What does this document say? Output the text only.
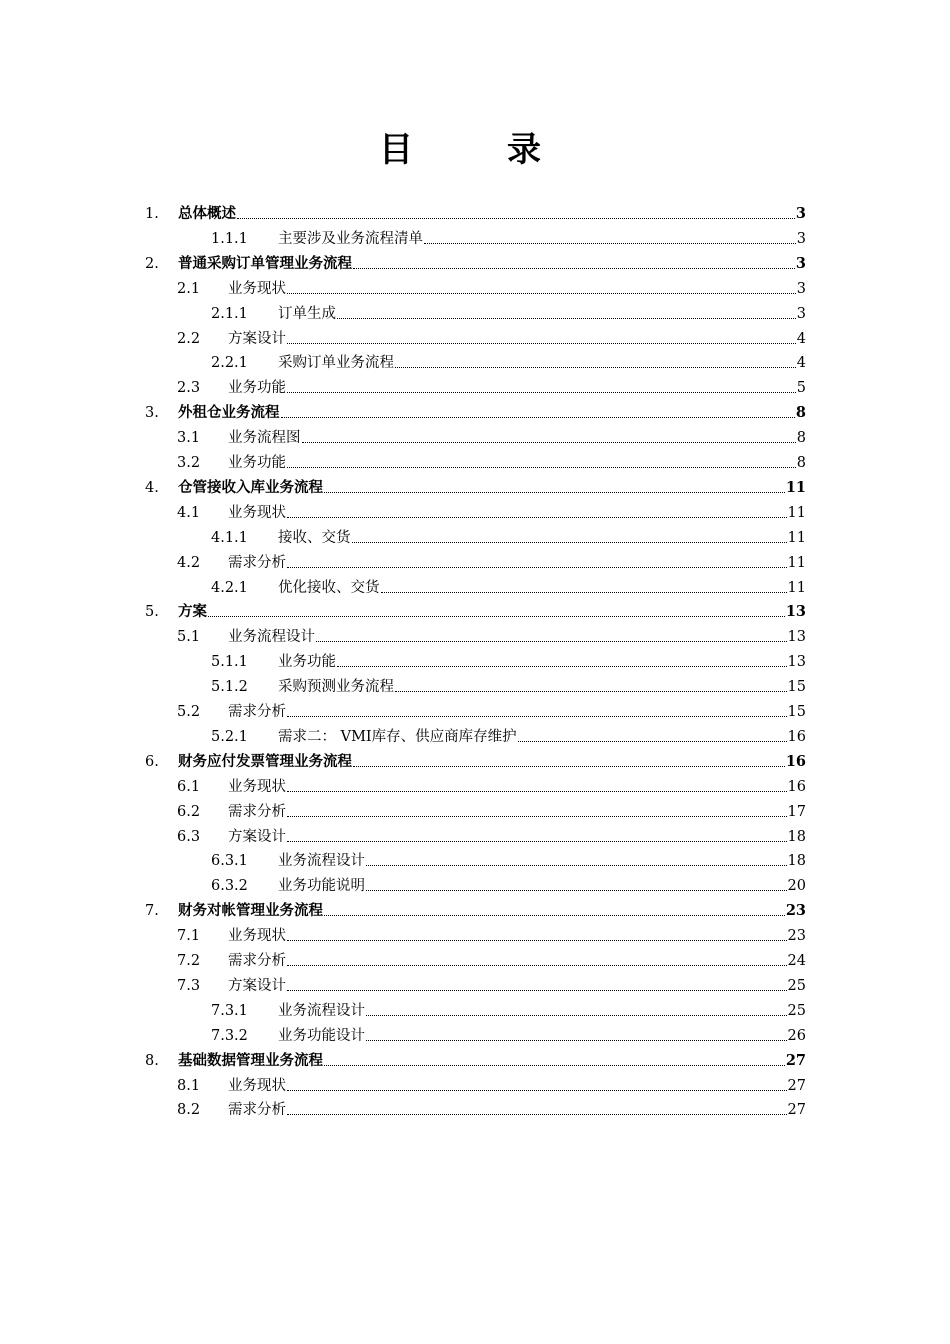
目　录
1.	总体概述	3
1.1.1	主要涉及业务流程清单	3
2.	普通采购订单管理业务流程	3
2.1	业务现状	3
2.1.1	订单生成	3
2.2	方案设计	4
2.2.1	采购订单业务流程	4
2.3	业务功能	5
3.	外租仓业务流程	8
3.1	业务流程图	8
3.2	业务功能	8
4.	仓管接收入库业务流程	11
4.1	业务现状	11
4.1.1	接收、交货	11
4.2	需求分析	11
4.2.1	优化接收、交货	11
5.	方案	13
5.1	业务流程设计	13
5.1.1	业务功能	13
5.1.2	采购预测业务流程	15
5.2	需求分析	15
5.2.1	需求二： VMI库存、供应商库存维护	16
6.	财务应付发票管理业务流程	16
6.1	业务现状	16
6.2	需求分析	17
6.3	方案设计	18
6.3.1	业务流程设计	18
6.3.2	业务功能说明	20
7.	财务对帐管理业务流程	23
7.1	业务现状	23
7.2	需求分析	24
7.3	方案设计	25
7.3.1	业务流程设计	25
7.3.2	业务功能设计	26
8.	基础数据管理业务流程	27
8.1	业务现状	27
8.2	需求分析	27
